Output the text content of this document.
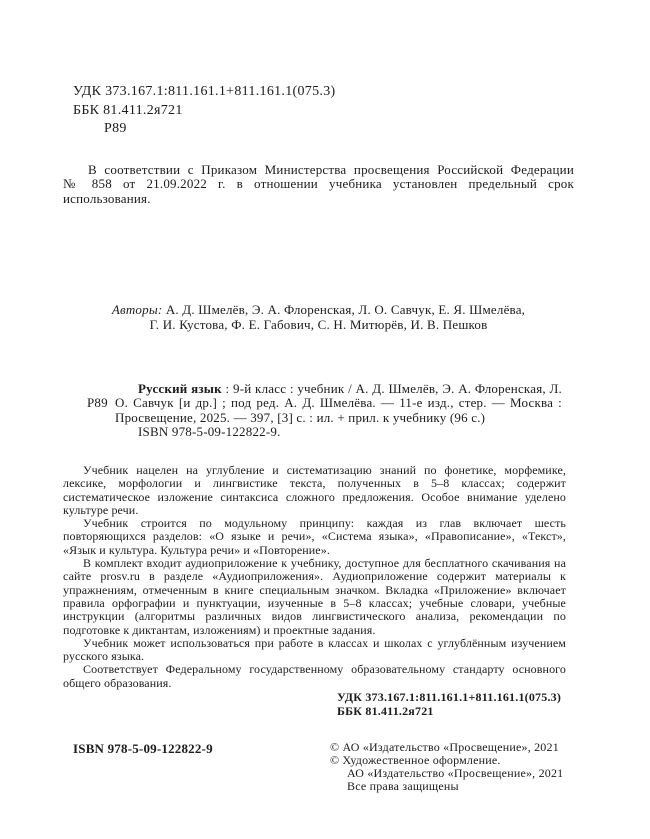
УДК 373.167.1:811.161.1+811.161.1(075.3)
ББК 81.411.2я721
Р89

В соответствии с Приказом Министерства просвещения Российской Федерации № 858 от 21.09.2022 г. в отношении учебника установлен предельный срок использования.

Авторы: А. Д. Шмелёв, Э. А. Флоренская, Л. О. Савчук, Е. Я. Шмелёва,
Г. И. Кустова, Ф. Е. Габович, С. Н. Митюрёв, И. В. Пешков
Р89

Русский язык : 9-й класс : учебник / А. Д. Шмелёв, Э. А. Флоренская, Л. О. Савчук [и др.] ; под ред. А. Д. Шмелёва. — 11-е изд., стер. — Москва : Просвещение, 2025. — 397, [3] с. : ил. + прил. к учебнику (96 с.)

ISBN 978-5-09-122822-9.

Учебник нацелен на углубление и систематизацию знаний по фонетике, морфемике, лексике, морфологии и лингвистике текста, полученных в 5–8 классах; содержит систематическое изложение синтаксиса сложного предложения. Особое внимание уделено культуре речи.

Учебник строится по модульному принципу: каждая из глав включает шесть повторяющихся разделов: «О языке и речи», «Система языка», «Правописание», «Текст», «Язык и культура. Культура речи» и «Повторение».

В комплект входит аудиоприложение к учебнику, доступное для бесплатного скачивания на сайте prosv.ru в разделе «Аудиоприложения». Аудиоприложение содержит материалы к упражнениям, отмеченным в книге специальным значком. Вкладка «Приложение» включает правила орфографии и пунктуации, изученные в 5–8 классах; учебные словари, учебные инструкции (алгоритмы различных видов лингвистического анализа, рекомендации по подготовке к диктантам, изложениям) и проектные задания.

Учебник может использоваться при работе в классах и школах с углублённым изучением русского языка.

Соответствует Федеральному государственному образовательному стандарту основного общего образования.

УДК 373.167.1:811.161.1+811.161.1(075.3)
ББК 81.411.2я721
ISBN 978-5-09-122822-9	© АО «Издательство «Просвещение», 2021
© Художественное оформление.
АО «Издательство «Просвещение», 2021
Все права защищены
